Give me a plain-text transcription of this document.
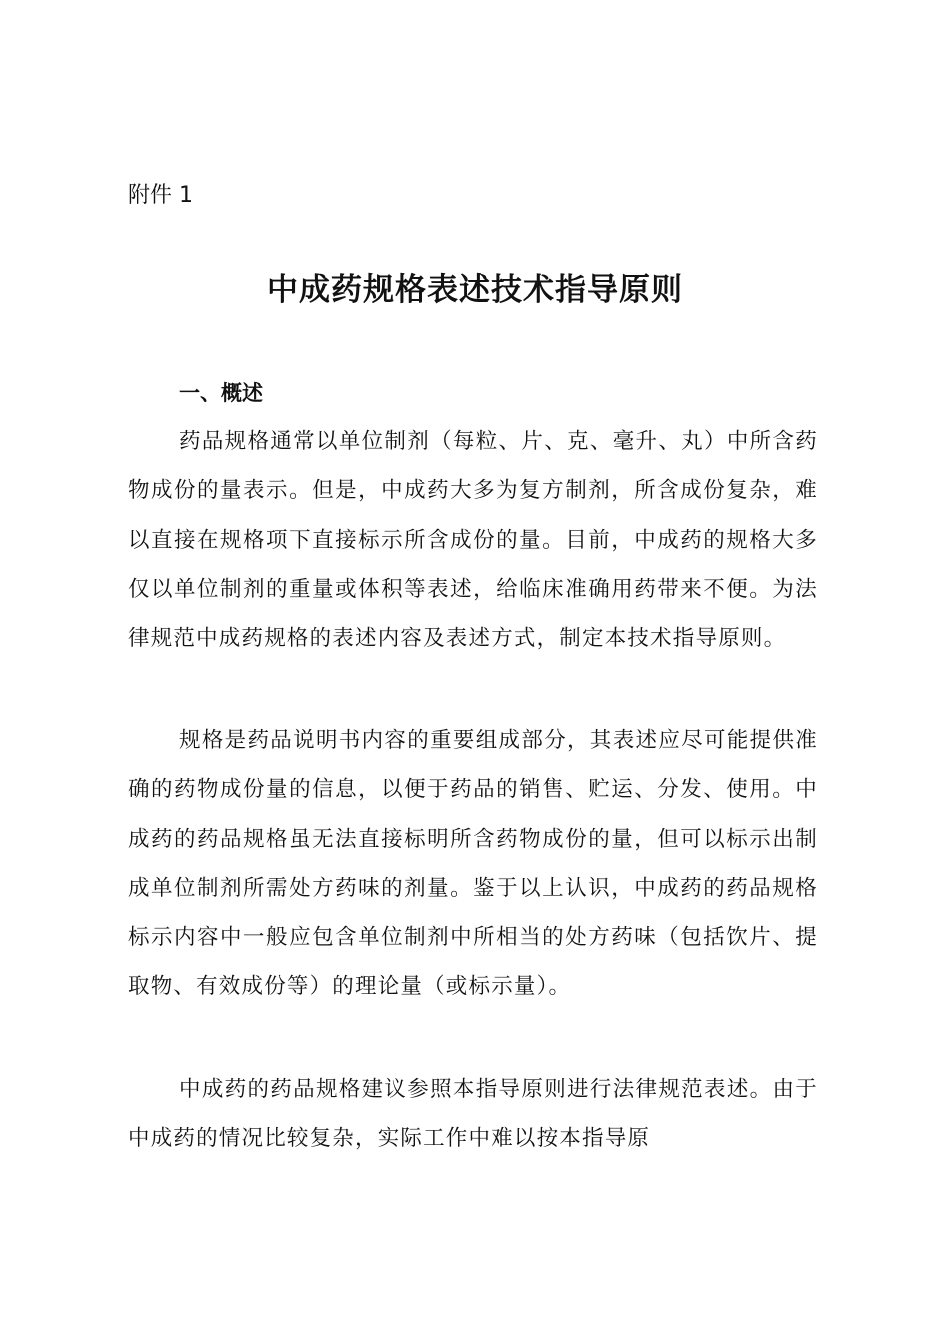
附件 1

中成药规格表述技术指导原则
一、概述

药品规格通常以单位制剂（每粒、片、克、毫升、丸）中所含药物成份的量表示。但是，中成药大多为复方制剂，所含成份复杂，难以直接在规格项下直接标示所含成份的量。目前，中成药的规格大多仅以单位制剂的重量或体积等表述，给临床准确用药带来不便。为法律规范中成药规格的表述内容及表述方式，制定本技术指导原则。

规格是药品说明书内容的重要组成部分，其表述应尽可能提供准确的药物成份量的信息，以便于药品的销售、贮运、分发、使用。中成药的药品规格虽无法直接标明所含药物成份的量，但可以标示出制成单位制剂所需处方药味的剂量。鉴于以上认识，中成药的药品规格标示内容中一般应包含单位制剂中所相当的处方药味（包括饮片、提取物、有效成份等）的理论量（或标示量）。

中成药的药品规格建议参照本指导原则进行法律规范表述。由于中成药的情况比较复杂，实际工作中难以按本指导原
